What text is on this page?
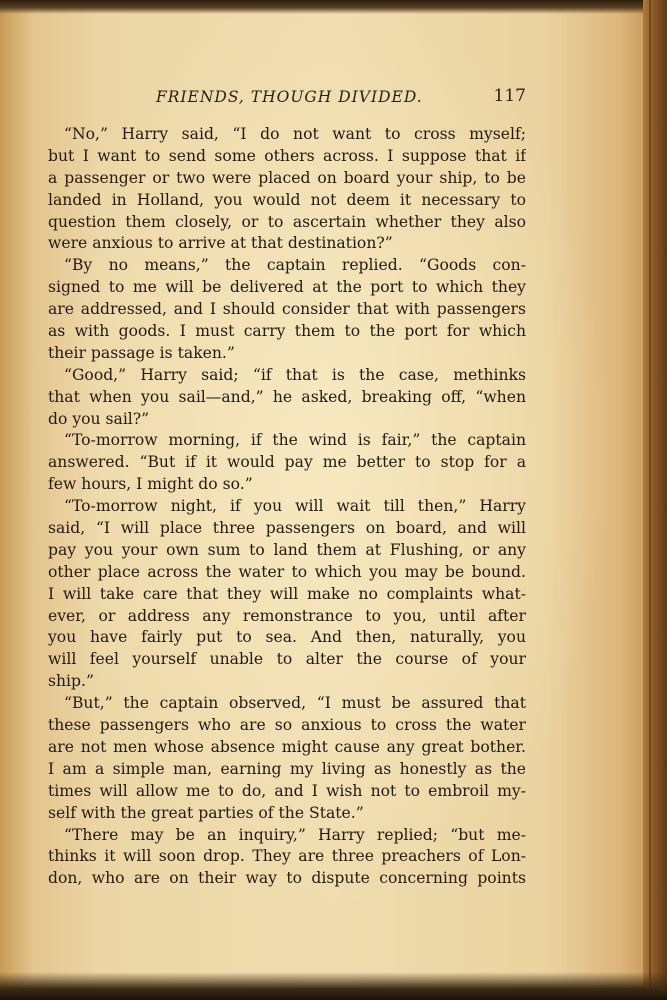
FRIENDS, THOUGH DIVIDED.	117
“No,” Harry said, “I do not want to cross myself;
but I want to send some others across. I suppose that if
a passenger or two were placed on board your ship, to be
landed in Holland, you would not deem it necessary to
question them closely, or to ascertain whether they also
were anxious to arrive at that destination?”
“By no means,” the captain replied. “Goods con-
signed to me will be delivered at the port to which they
are addressed, and I should consider that with passengers
as with goods. I must carry them to the port for which
their passage is taken.”
“Good,” Harry said; “if that is the case, methinks
that when you sail—and,” he asked, breaking off, “when
do you sail?”
“To-morrow morning, if the wind is fair,” the captain
answered. “But if it would pay me better to stop for a
few hours, I might do so.”
“To-morrow night, if you will wait till then,” Harry
said, “I will place three passengers on board, and will
pay you your own sum to land them at Flushing, or any
other place across the water to which you may be bound.
I will take care that they will make no complaints what-
ever, or address any remonstrance to you, until after
you have fairly put to sea. And then, naturally, you
will feel yourself unable to alter the course of your
ship.”
“But,” the captain observed, “I must be assured that
these passengers who are so anxious to cross the water
are not men whose absence might cause any great bother.
I am a simple man, earning my living as honestly as the
times will allow me to do, and I wish not to embroil my-
self with the great parties of the State.”
“There may be an inquiry,” Harry replied; “but me-
thinks it will soon drop. They are three preachers of Lon-
don, who are on their way to dispute concerning points
